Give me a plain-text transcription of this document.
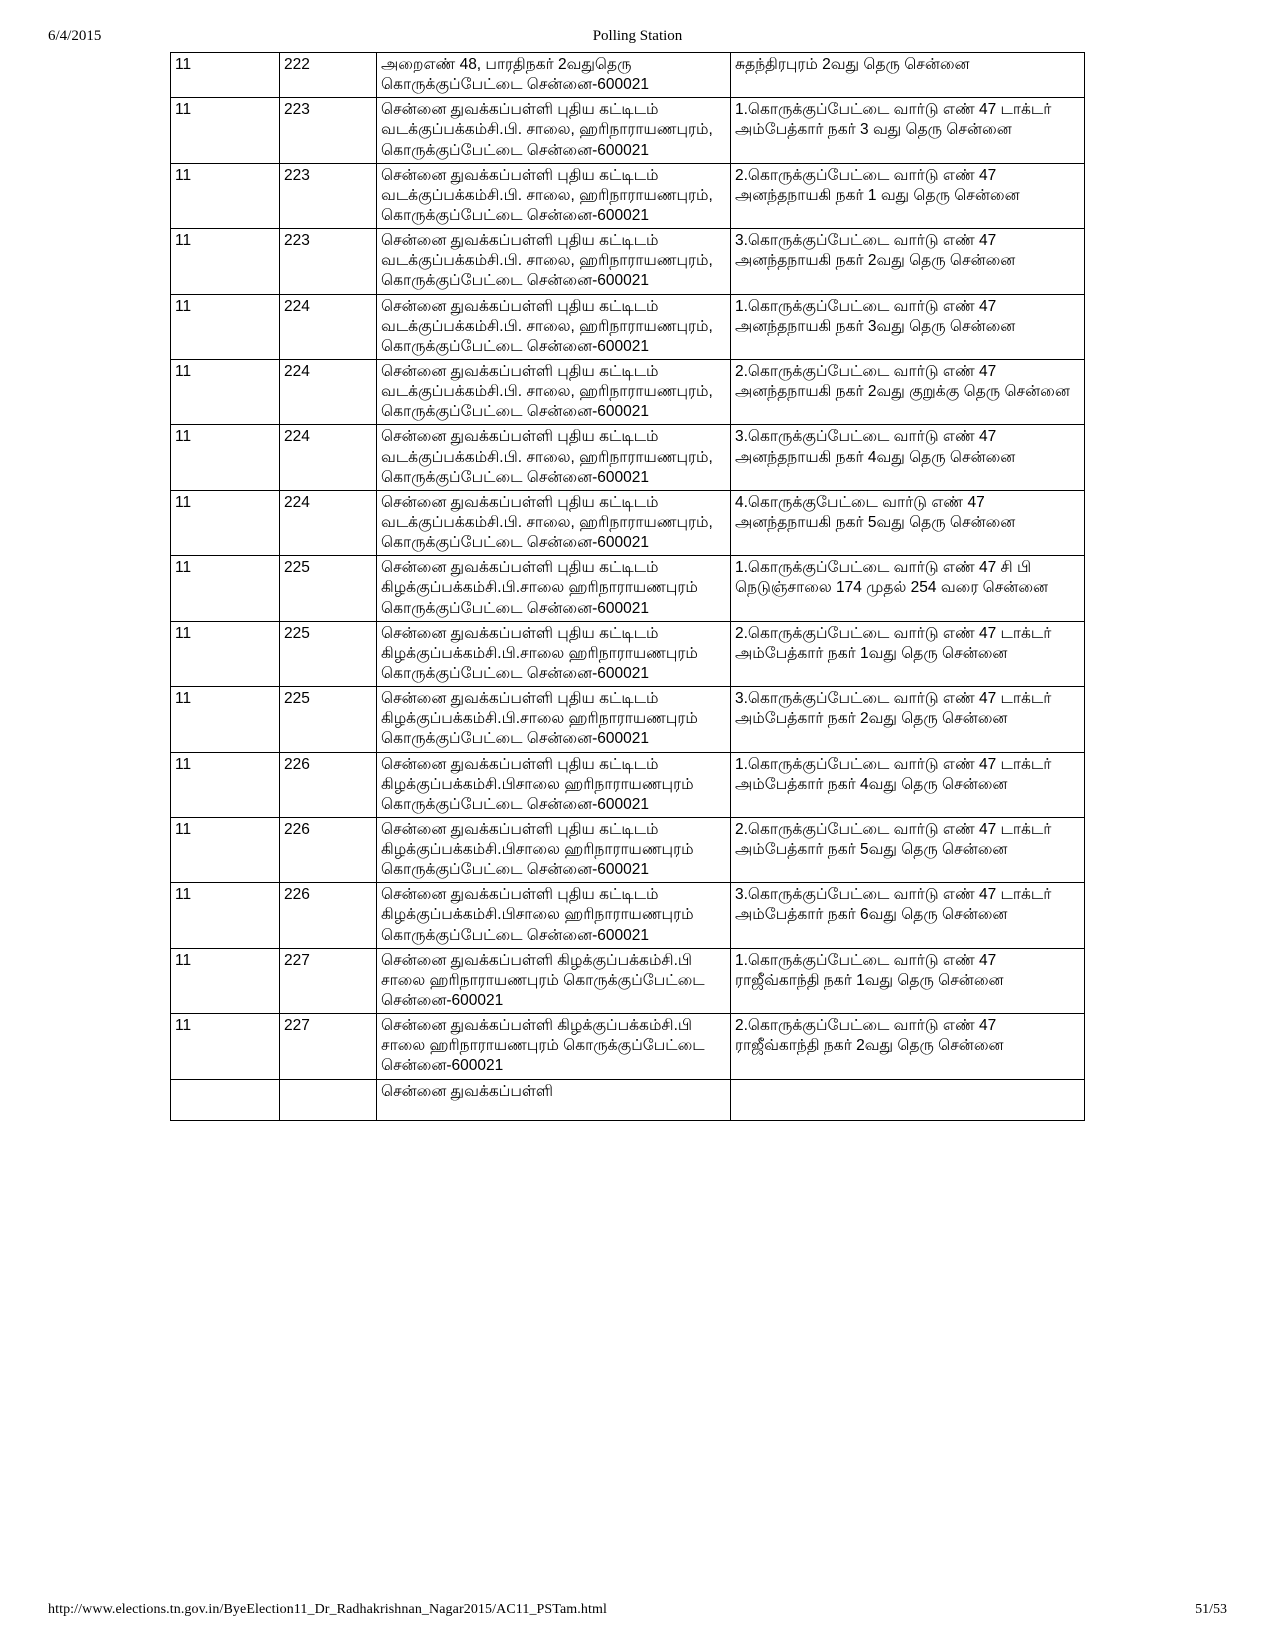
6/4/2015	Polling Station
11	222	அறைஎண் 48, பாரதிநகர் 2வதுதெரு கொருக்குப்பேட்டை சென்னை-600021	சுதந்திரபுரம் 2வது தெரு சென்னை
11	223	சென்னை துவக்கப்பள்ளி புதிய கட்டிடம் வடக்குப்பக்கம்சி.பி. சாலை, ஹரிநாராயணபுரம், கொருக்குப்பேட்டை சென்னை-600021	1.கொருக்குப்பேட்டை வார்டு எண் 47 டாக்டர் அம்பேத்கார் நகர் 3 வது தெரு சென்னை
11	223	சென்னை துவக்கப்பள்ளி புதிய கட்டிடம் வடக்குப்பக்கம்சி.பி. சாலை, ஹரிநாராயணபுரம், கொருக்குப்பேட்டை சென்னை-600021	2.கொருக்குப்பேட்டை வார்டு எண் 47 அனந்தநாயகி நகர் 1 வது தெரு சென்னை
11	223	சென்னை துவக்கப்பள்ளி புதிய கட்டிடம் வடக்குப்பக்கம்சி.பி. சாலை, ஹரிநாராயணபுரம், கொருக்குப்பேட்டை சென்னை-600021	3.கொருக்குப்பேட்டை வார்டு எண் 47 அனந்தநாயகி நகர் 2வது தெரு சென்னை
11	224	சென்னை துவக்கப்பள்ளி புதிய கட்டிடம் வடக்குப்பக்கம்சி.பி. சாலை, ஹரிநாராயணபுரம், கொருக்குப்பேட்டை சென்னை-600021	1.கொருக்குப்பேட்டை வார்டு எண் 47 அனந்தநாயகி நகர் 3வது தெரு சென்னை
11	224	சென்னை துவக்கப்பள்ளி புதிய கட்டிடம் வடக்குப்பக்கம்சி.பி. சாலை, ஹரிநாராயணபுரம், கொருக்குப்பேட்டை சென்னை-600021	2.கொருக்குப்பேட்டை வார்டு எண் 47 அனந்தநாயகி நகர் 2வது குறுக்கு தெரு சென்னை
11	224	சென்னை துவக்கப்பள்ளி புதிய கட்டிடம் வடக்குப்பக்கம்சி.பி. சாலை, ஹரிநாராயணபுரம், கொருக்குப்பேட்டை சென்னை-600021	3.கொருக்குப்பேட்டை வார்டு எண் 47 அனந்தநாயகி நகர் 4வது தெரு சென்னை
11	224	சென்னை துவக்கப்பள்ளி புதிய கட்டிடம் வடக்குப்பக்கம்சி.பி. சாலை, ஹரிநாராயணபுரம், கொருக்குப்பேட்டை சென்னை-600021	4.கொருக்குபேட்டை வார்டு எண் 47 அனந்தநாயகி நகர் 5வது தெரு சென்னை
11	225	சென்னை துவக்கப்பள்ளி புதிய கட்டிடம் கிழக்குப்பக்கம்சி.பி.சாலை ஹரிநாராயணபுரம் கொருக்குப்பேட்டை சென்னை-600021	1.கொருக்குப்பேட்டை வார்டு எண் 47 சி பி நெடுஞ்சாலை 174 முதல் 254 வரை சென்னை
11	225	சென்னை துவக்கப்பள்ளி புதிய கட்டிடம் கிழக்குப்பக்கம்சி.பி.சாலை ஹரிநாராயணபுரம் கொருக்குப்பேட்டை சென்னை-600021	2.கொருக்குப்பேட்டை வார்டு எண் 47 டாக்டர் அம்பேத்கார் நகர் 1வது தெரு சென்னை
11	225	சென்னை துவக்கப்பள்ளி புதிய கட்டிடம் கிழக்குப்பக்கம்சி.பி.சாலை ஹரிநாராயணபுரம் கொருக்குப்பேட்டை சென்னை-600021	3.கொருக்குப்பேட்டை வார்டு எண் 47 டாக்டர் அம்பேத்கார் நகர் 2வது தெரு சென்னை
11	226	சென்னை துவக்கப்பள்ளி புதிய கட்டிடம் கிழக்குப்பக்கம்சி.பிசாலை ஹரிநாராயணபுரம் கொருக்குப்பேட்டை சென்னை-600021	1.கொருக்குப்பேட்டை வார்டு எண் 47 டாக்டர் அம்பேத்கார் நகர் 4வது தெரு சென்னை
11	226	சென்னை துவக்கப்பள்ளி புதிய கட்டிடம் கிழக்குப்பக்கம்சி.பிசாலை ஹரிநாராயணபுரம் கொருக்குப்பேட்டை சென்னை-600021	2.கொருக்குப்பேட்டை வார்டு எண் 47 டாக்டர் அம்பேத்கார் நகர் 5வது தெரு சென்னை
11	226	சென்னை துவக்கப்பள்ளி புதிய கட்டிடம் கிழக்குப்பக்கம்சி.பிசாலை ஹரிநாராயணபுரம் கொருக்குப்பேட்டை சென்னை-600021	3.கொருக்குப்பேட்டை வார்டு எண் 47 டாக்டர் அம்பேத்கார் நகர் 6வது தெரு சென்னை
11	227	சென்னை துவக்கப்பள்ளி கிழக்குப்பக்கம்சி.பி சாலை ஹரிநாராயணபுரம் கொருக்குப்பேட்டை சென்னை-600021	1.கொருக்குப்பேட்டை வார்டு எண் 47 ராஜீவ்காந்தி நகர் 1வது தெரு சென்னை
11	227	சென்னை துவக்கப்பள்ளி கிழக்குப்பக்கம்சி.பி சாலை ஹரிநாராயணபுரம் கொருக்குப்பேட்டை சென்னை-600021	2.கொருக்குப்பேட்டை வார்டு எண் 47 ராஜீவ்காந்தி நகர் 2வது தெரு சென்னை
		சென்னை துவக்கப்பள்ளி	
http://www.elections.tn.gov.in/ByeElection11_Dr_Radhakrishnan_Nagar2015/AC11_PSTam.html	51/53
